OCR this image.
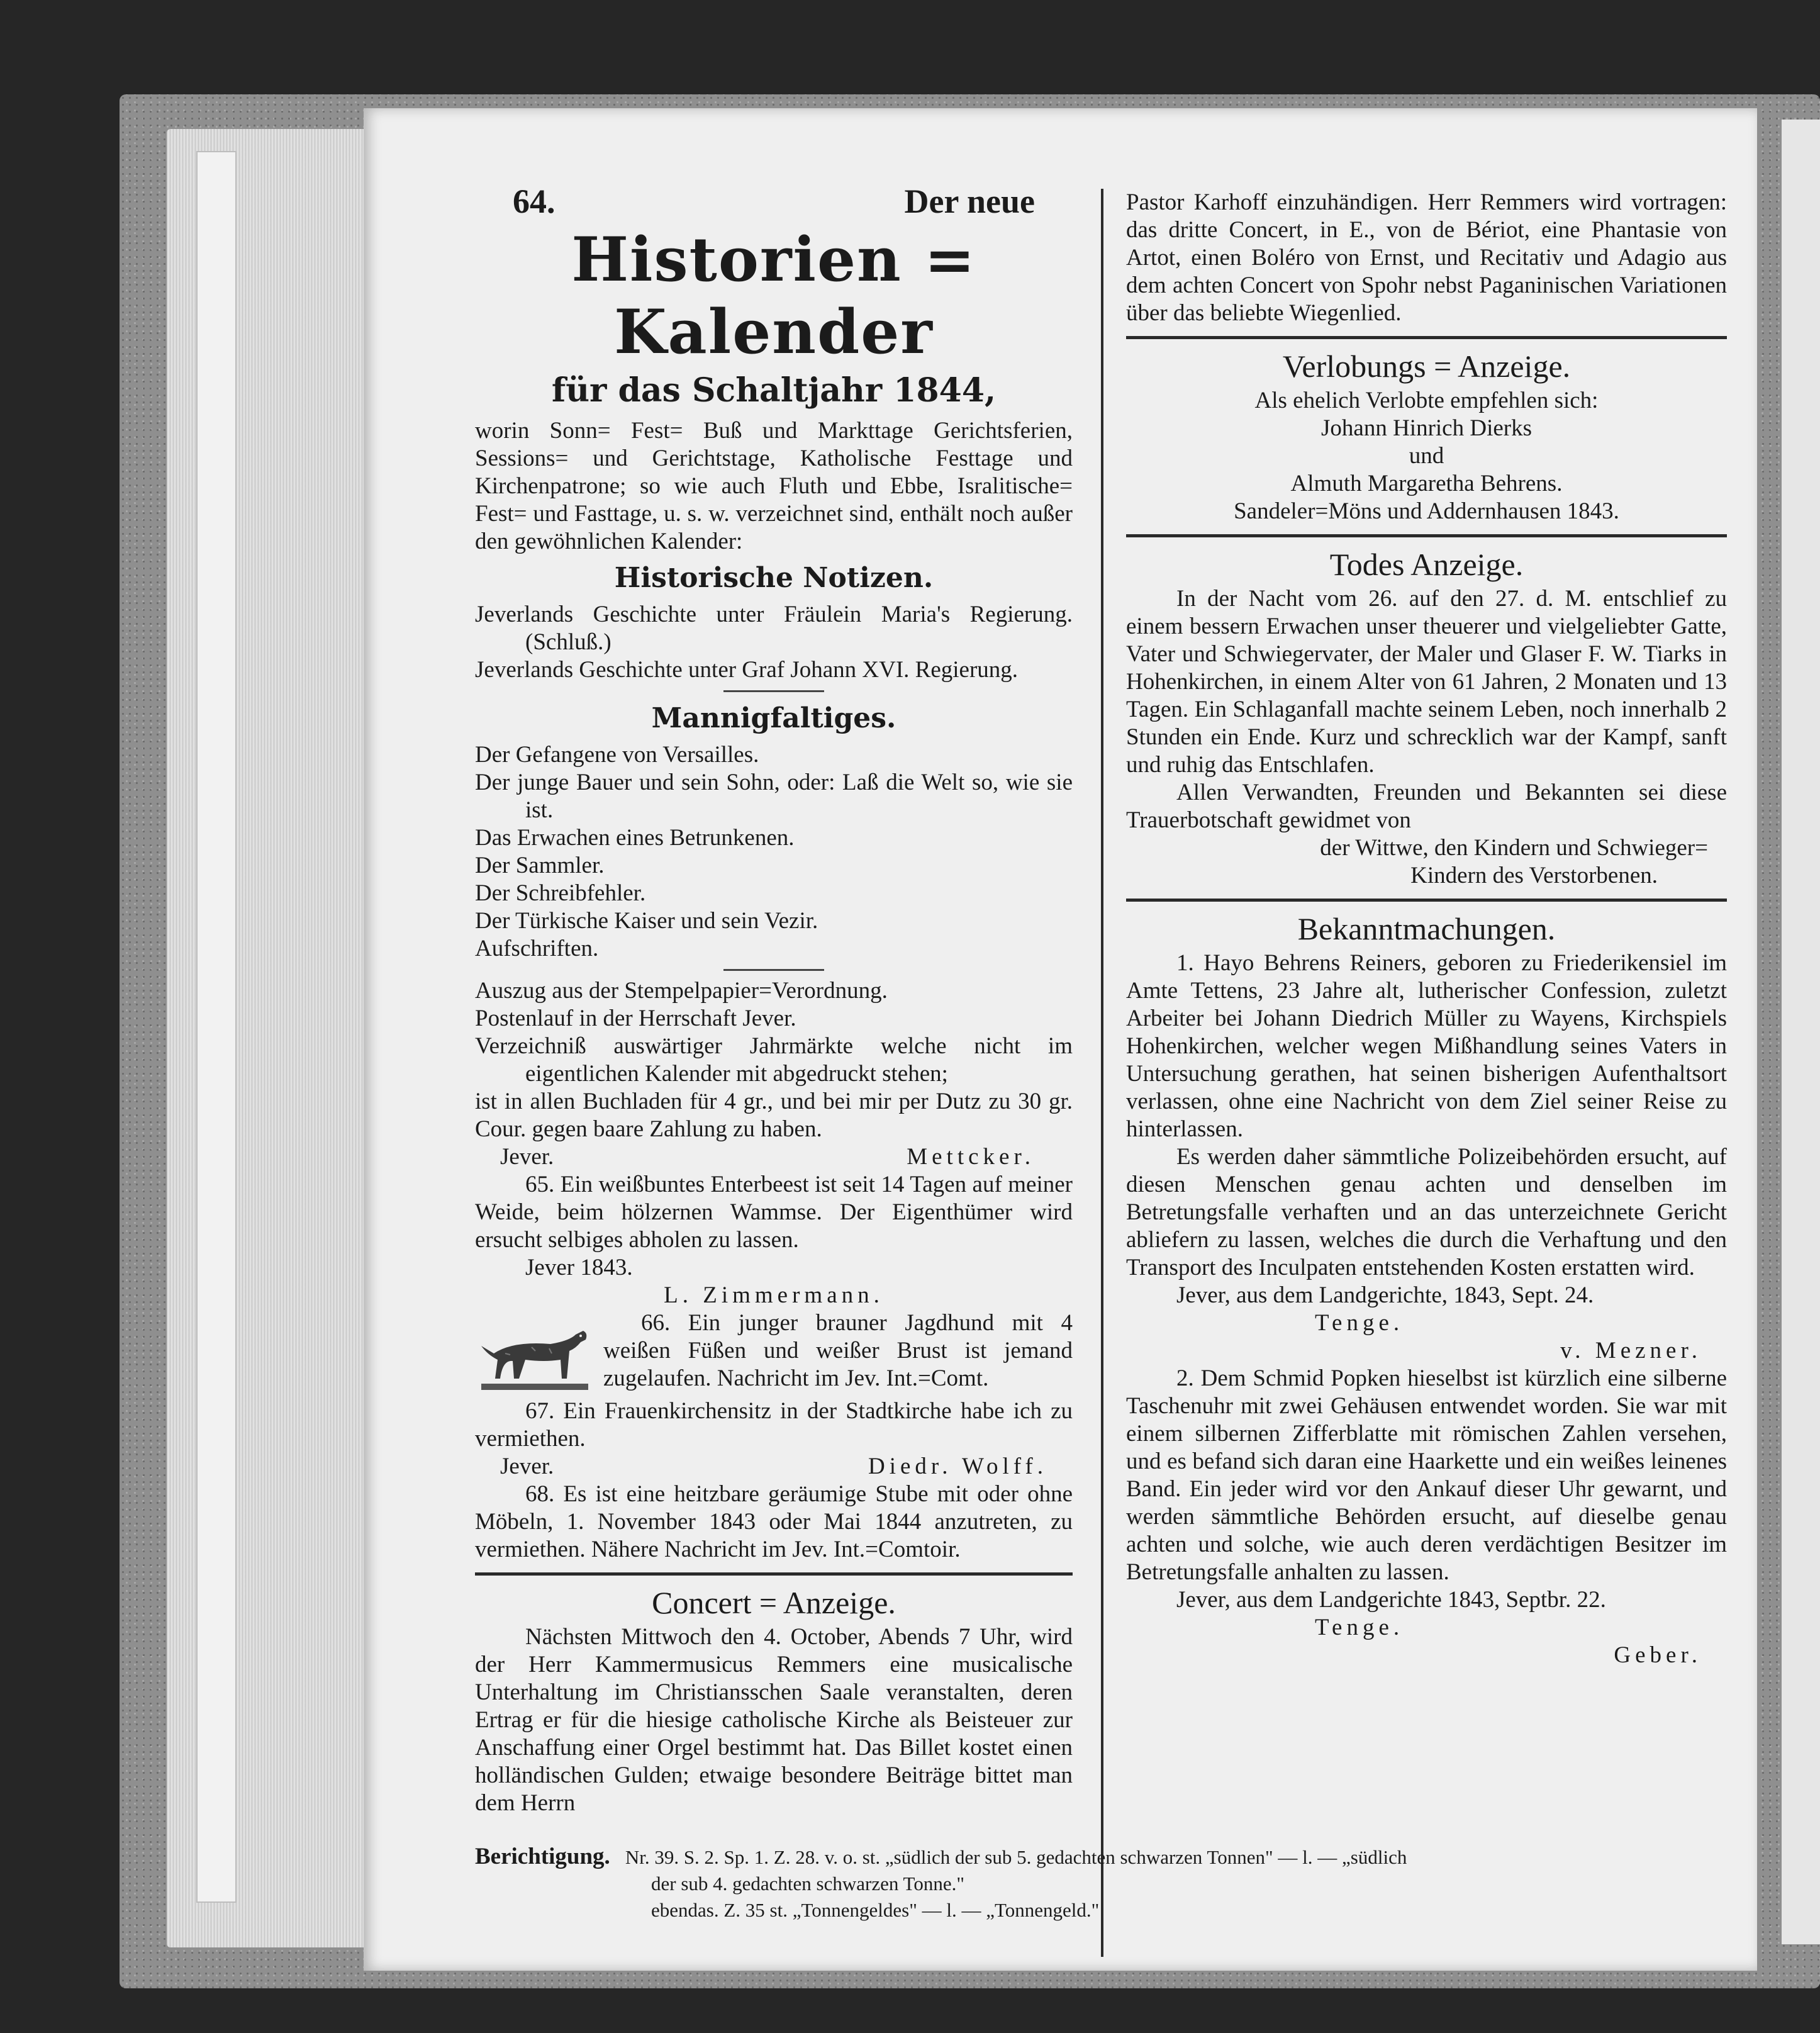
64.	Der neue
Historien = Kalender
für das Schaltjahr 1844,

worin Sonn= Fest= Buß und Markttage Gerichtsferien, Sessions= und Gerichtstage, Katholische Festtage und Kirchenpatrone; so wie auch Fluth und Ebbe, Isralitische= Fest= und Fasttage, u. s. w. verzeichnet sind, enthält noch außer den gewöhnlichen Kalender:

Historische Notizen.

Jeverlands Geschichte unter Fräulein Maria's Regierung. (Schluß.)

Jeverlands Geschichte unter Graf Johann XVI. Regierung.

Mannigfaltiges.

Der Gefangene von Versailles.

Der junge Bauer und sein Sohn, oder: Laß die Welt so, wie sie ist.

Das Erwachen eines Betrunkenen.

Der Sammler.

Der Schreibfehler.

Der Türkische Kaiser und sein Vezir.

Aufschriften.

Auszug aus der Stempelpapier=Verordnung.

Postenlauf in der Herrschaft Jever.

Verzeichniß auswärtiger Jahrmärkte welche nicht im eigentlichen Kalender mit abgedruckt stehen;

ist in allen Buchladen für 4 gr., und bei mir per Dutz zu 30 gr. Cour. gegen baare Zahlung zu haben.

Jever.	Mettcker.

65. Ein weißbuntes Enterbeest ist seit 14 Tagen auf meiner Weide, beim hölzernen Wammse. Der Eigenthümer wird ersucht selbiges abholen zu lassen.

Jever 1843.

L. Zimmermann.

66. Ein junger brauner Jagdhund mit 4 weißen Füßen und weißer Brust ist jemand zugelaufen. Nachricht im Jev. Int.=Comt.

67. Ein Frauenkirchensitz in der Stadtkirche habe ich zu vermiethen.

Jever.	Diedr. Wolff.

68. Es ist eine heitzbare geräumige Stube mit oder ohne Möbeln, 1. November 1843 oder Mai 1844 anzutreten, zu vermiethen. Nähere Nachricht im Jev. Int.=Comtoir.

Concert = Anzeige.

Nächsten Mittwoch den 4. October, Abends 7 Uhr, wird der Herr Kammermusicus Remmers eine musicalische Unterhaltung im Christiansschen Saale veranstalten, deren Ertrag er für die hiesige catholische Kirche als Beisteuer zur Anschaffung einer Orgel bestimmt hat. Das Billet kostet einen holländischen Gulden; etwaige besondere Beiträge bittet man dem Herrn

Pastor Karhoff einzuhändigen. Herr Remmers wird vortragen: das dritte Concert, in E., von de Bériot, eine Phantasie von Artot, einen Boléro von Ernst, und Recitativ und Adagio aus dem achten Concert von Spohr nebst Paganinischen Variationen über das beliebte Wiegenlied.

Verlobungs = Anzeige.

Als ehelich Verlobte empfehlen sich:

Johann Hinrich Dierks

und

Almuth Margaretha Behrens.

Sandeler=Möns und Addernhausen 1843.

Todes Anzeige.

In der Nacht vom 26. auf den 27. d. M. entschlief zu einem bessern Erwachen unser theuerer und vielgeliebter Gatte, Vater und Schwiegervater, der Maler und Glaser F. W. Tiarks in Hohenkirchen, in einem Alter von 61 Jahren, 2 Monaten und 13 Tagen. Ein Schlaganfall machte seinem Leben, noch innerhalb 2 Stunden ein Ende. Kurz und schrecklich war der Kampf, sanft und ruhig das Entschlafen.

Allen Verwandten, Freunden und Bekannten sei diese Trauerbotschaft gewidmet von

der Wittwe, den Kindern und Schwieger=

Kindern des Verstorbenen.

Bekanntmachungen.

1. Hayo Behrens Reiners, geboren zu Friederikensiel im Amte Tettens, 23 Jahre alt, lutherischer Confession, zuletzt Arbeiter bei Johann Diedrich Müller zu Wayens, Kirchspiels Hohenkirchen, welcher wegen Mißhandlung seines Vaters in Untersuchung gerathen, hat seinen bisherigen Aufenthaltsort verlassen, ohne eine Nachricht von dem Ziel seiner Reise zu hinterlassen.

Es werden daher sämmtliche Polizeibehörden ersucht, auf diesen Menschen genau achten und denselben im Betretungsfalle verhaften und an das unterzeichnete Gericht abliefern zu lassen, welches die durch die Verhaftung und den Transport des Inculpaten entstehenden Kosten erstatten wird.

Jever, aus dem Landgerichte, 1843, Sept. 24.

Tenge.

v. Mezner.

2. Dem Schmid Popken hieselbst ist kürzlich eine silberne Taschenuhr mit zwei Gehäusen entwendet worden. Sie war mit einem silbernen Zifferblatte mit römischen Zahlen versehen, und es befand sich daran eine Haarkette und ein weißes leinenes Band. Ein jeder wird vor den Ankauf dieser Uhr gewarnt, und werden sämmtliche Behörden ersucht, auf dieselbe genau achten und solche, wie auch deren verdächtigen Besitzer im Betretungsfalle anhalten zu lassen.

Jever, aus dem Landgerichte 1843, Septbr. 22.

Tenge.

Geber.

Berichtigung. Nr. 39. S. 2. Sp. 1. Z. 28. v. o. st. „südlich der sub 5. gedachten schwarzen Tonnen" — l. — „südlich
der sub 4. gedachten schwarzen Tonne."
ebendas. Z. 35 st. „Tonnengeldes" — l. — „Tonnengeld."
